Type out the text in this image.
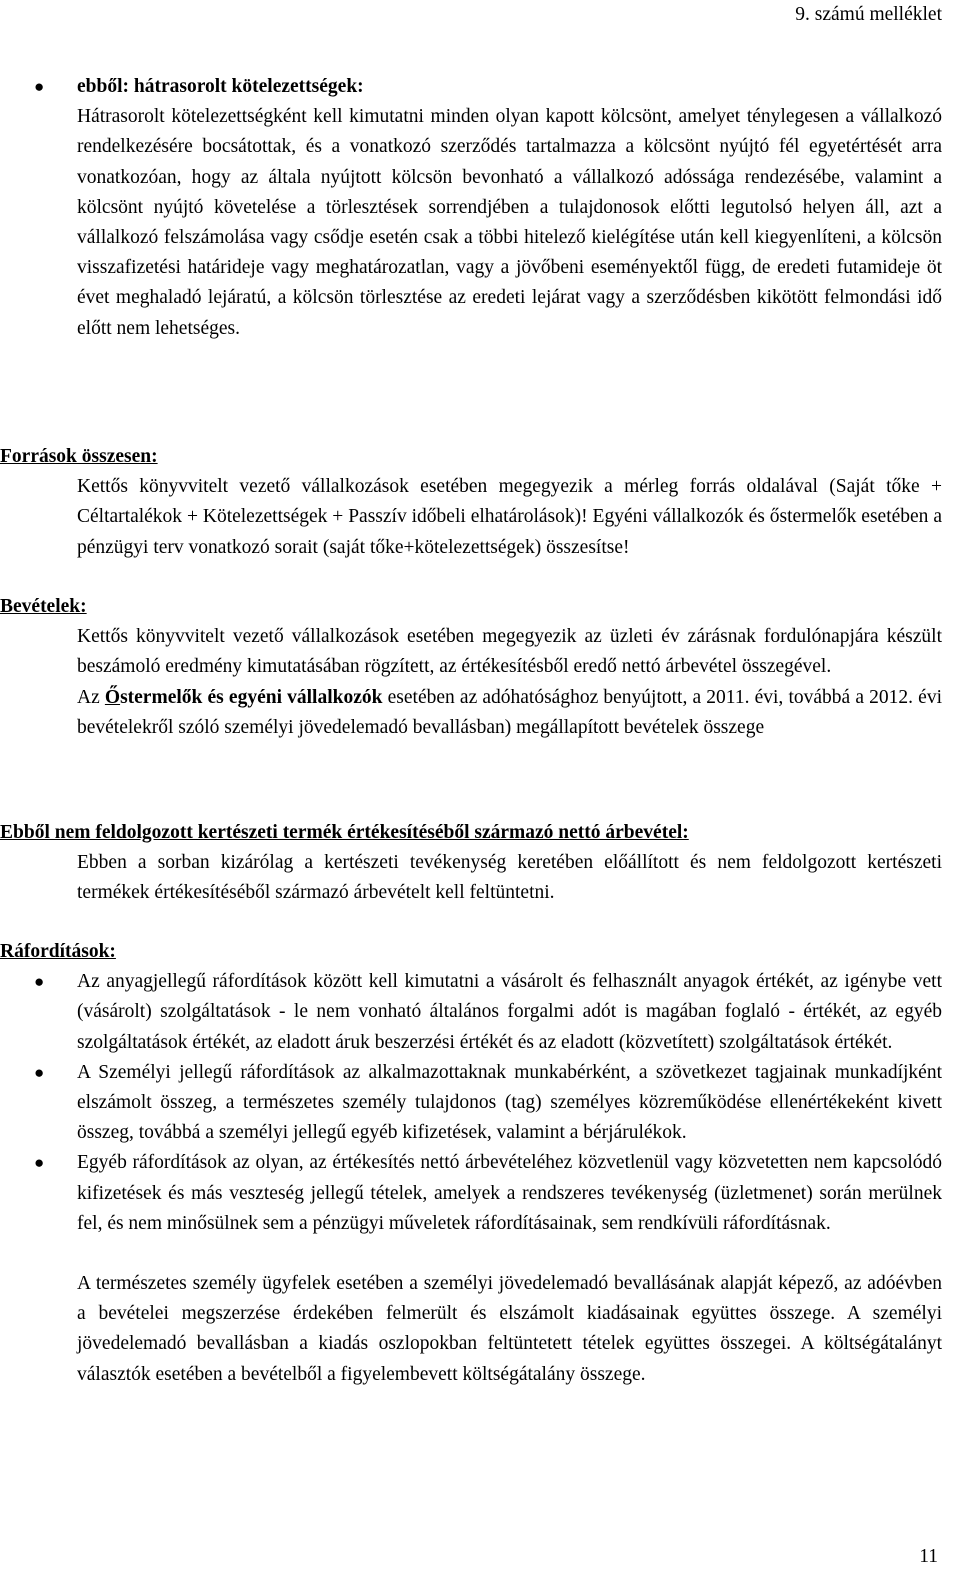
9. számú melléklet
● ebből: hátrasorolt kötelezettségek:

Hátrasorolt kötelezettségként kell kimutatni minden olyan kapott kölcsönt, amelyet ténylegesen a vállalkozó rendelkezésére bocsátottak, és a vonatkozó szerződés tartalmazza a kölcsönt nyújtó fél egyetértését arra vonatkozóan, hogy az általa nyújtott kölcsön bevonható a vállalkozó adóssága rendezésébe, valamint a kölcsönt nyújtó követelése a törlesztések sorrendjében a tulajdonosok előtti legutolsó helyen áll, azt a vállalkozó felszámolása vagy csődje esetén csak a többi hitelező kielégítése után kell kiegyenlíteni, a kölcsön visszafizetési határideje vagy meghatározatlan, vagy a jövőbeni eseményektől függ, de eredeti futamideje öt évet meghaladó lejáratú, a kölcsön törlesztése az eredeti lejárat vagy a szerződésben kikötött felmondási idő előtt nem lehetséges.

Források összesen:

Kettős könyvvitelt vezető vállalkozások esetében megegyezik a mérleg forrás oldalával (Saját tőke + Céltartalékok + Kötelezettségek + Passzív időbeli elhatárolások)! Egyéni vállalkozók és őstermelők esetében a pénzügyi terv vonatkozó sorait (saját tőke+kötelezettségek) összesítse!

Bevételek:

Kettős könyvvitelt vezető vállalkozások esetében megegyezik az üzleti év zárásnak fordulónapjára készült beszámoló eredmény kimutatásában rögzített, az értékesítésből eredő nettó árbevétel összegével.

Az Őstermelők és egyéni vállalkozók esetében az adóhatósághoz benyújtott, a 2011. évi, továbbá a 2012. évi bevételekről szóló személyi jövedelemadó bevallásban) megállapított bevételek összege

Ebből nem feldolgozott kertészeti termék értékesítéséből származó nettó árbevétel:

Ebben a sorban kizárólag a kertészeti tevékenység keretében előállított és nem feldolgozott kertészeti termékek értékesítéséből származó árbevételt kell feltüntetni.

Ráfordítások:

● Az anyagjellegű ráfordítások között kell kimutatni a vásárolt és felhasznált anyagok értékét, az igénybe vett (vásárolt) szolgáltatások - le nem vonható általános forgalmi adót is magában foglaló - értékét, az egyéb szolgáltatások értékét, az eladott áruk beszerzési értékét és az eladott (közvetített) szolgáltatások értékét.

● A Személyi jellegű ráfordítások az alkalmazottaknak munkabérként, a szövetkezet tagjainak munkadíjként elszámolt összeg, a természetes személy tulajdonos (tag) személyes közreműködése ellenértékeként kivett összeg, továbbá a személyi jellegű egyéb kifizetések, valamint a bérjárulékok.

● Egyéb ráfordítások az olyan, az értékesítés nettó árbevételéhez közvetlenül vagy közvetetten nem kapcsolódó kifizetések és más veszteség jellegű tételek, amelyek a rendszeres tevékenység (üzletmenet) során merülnek fel, és nem minősülnek sem a pénzügyi műveletek ráfordításainak, sem rendkívüli ráfordításnak.

A természetes személy ügyfelek esetében a személyi jövedelemadó bevallásának alapját képező, az adóévben a bevételei megszerzése érdekében felmerült és elszámolt kiadásainak együttes összege. A személyi jövedelemadó bevallásban a kiadás oszlopokban feltüntetett tételek együttes összegei. A költségátalányt választók esetében a bevételből a figyelembevett költségátalány összege.

11
